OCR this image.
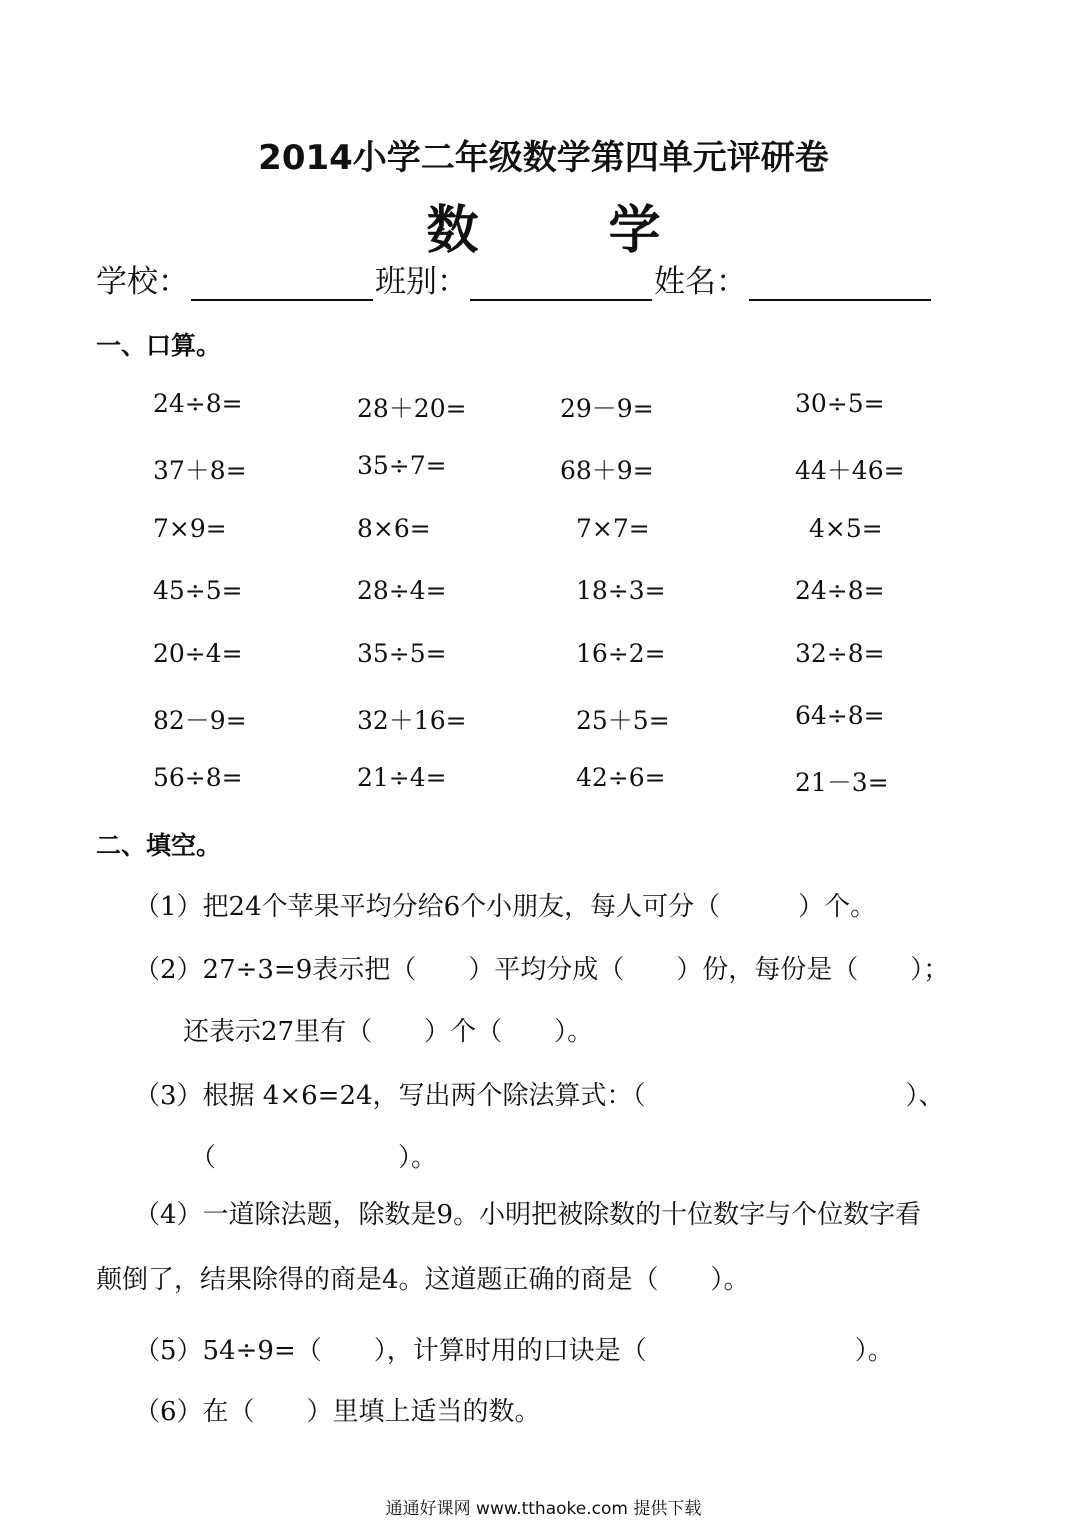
2014小学二年级数学第四单元评研卷
数	学
学校：	班别：	姓名：
一、口算。
24÷8=	28＋20=	29－9=	30÷5=
37＋8=	35÷7=	68＋9=	44＋46=
7×9=	8×6=	7×7=	4×5=
45÷5=	28÷4=	18÷3=	24÷8=
20÷4=	35÷5=	16÷2=	32÷8=
82－9=	32＋16=	25＋5=	64÷8=
56÷8=	21÷4=	42÷6=	21－3=
二、填空。
（1）把24个苹果平均分给6个小朋友，每人可分（　　　）个。
（2）27÷3=9表示把（　　）平均分成（　　）份，每份是（　　）；
还表示27里有（　　）个（　　）。
（3）根据 4×6=24，写出两个除法算式：（　　　　　　　　　　）、
（　　　　　　　）。
（4）一道除法题，除数是9。小明把被除数的十位数字与个位数字看
颠倒了，结果除得的商是4。这道题正确的商是（　　）。
（5）54÷9=（　　），计算时用的口诀是（　　　　　　　　）。
（6）在（　　）里填上适当的数。
通通好课网 www.tthaoke.com 提供下载
